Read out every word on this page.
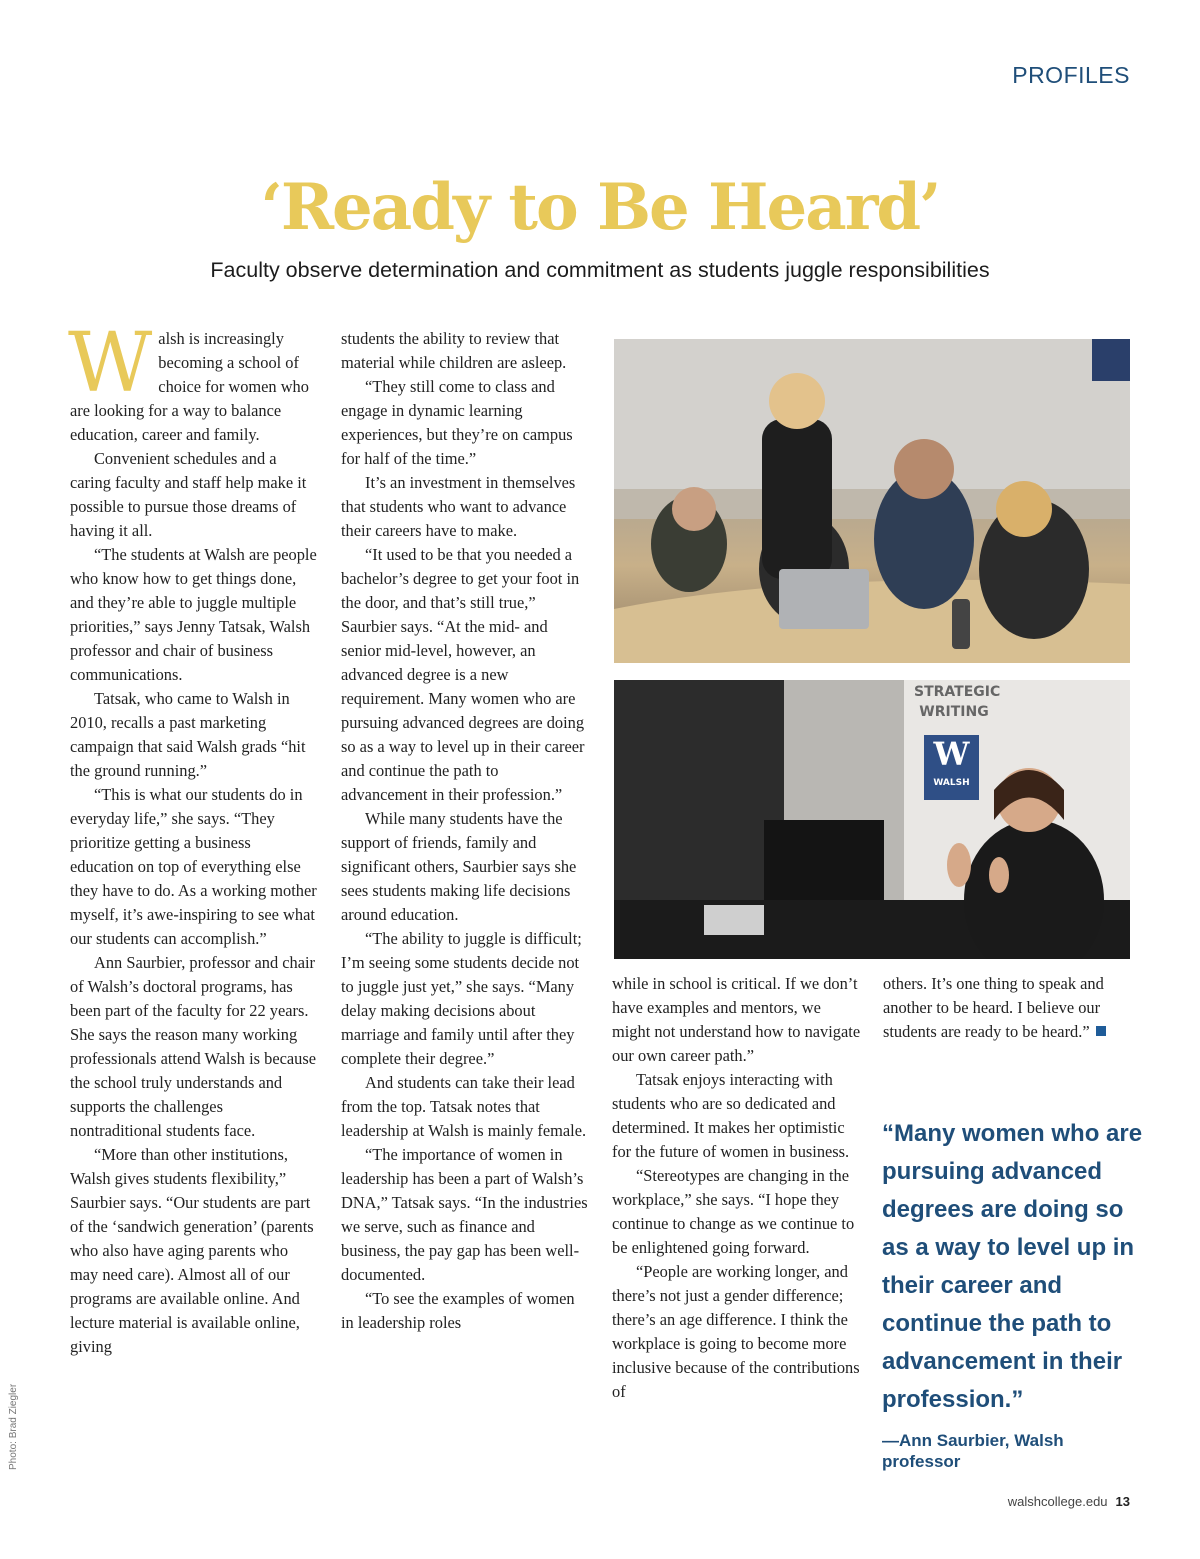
PROFILES
‘Ready to Be Heard’
Faculty observe determination and commitment as students juggle responsibilities
W alsh is increasingly becoming a school of choice for women who are looking for a way to balance education, career and family.

Convenient schedules and a caring faculty and staff help make it possible to pursue those dreams of having it all.

“The students at Walsh are people who know how to get things done, and they’re able to juggle multiple priorities,” says Jenny Tatsak, Walsh professor and chair of business communications.

Tatsak, who came to Walsh in 2010, recalls a past marketing campaign that said Walsh grads “hit the ground running.”

“This is what our students do in everyday life,” she says. “They prioritize getting a business education on top of everything else they have to do. As a working mother myself, it’s awe-inspiring to see what our students can accomplish.”

Ann Saurbier, professor and chair of Walsh’s doctoral programs, has been part of the faculty for 22 years. She says the reason many working professionals attend Walsh is because the school truly understands and supports the challenges nontraditional students face.

“More than other institutions, Walsh gives students flexibility,” Saurbier says. “Our students are part of the ‘sandwich generation’ (parents who also have aging parents who may need care). Almost all of our programs are available online. And lecture material is available online, giving

students the ability to review that material while children are asleep.

“They still come to class and engage in dynamic learning experiences, but they’re on campus for half of the time.”

It’s an investment in themselves that students who want to advance their careers have to make.

“It used to be that you needed a bachelor’s degree to get your foot in the door, and that’s still true,” Saurbier says. “At the mid- and senior mid-level, however, an advanced degree is a new requirement. Many women who are pursuing advanced degrees are doing so as a way to level up in their career and continue the path to advancement in their profession.”

While many students have the support of friends, family and significant others, Saurbier says she sees students making life decisions around education.

“The ability to juggle is difficult; I’m seeing some students decide not to juggle just yet,” she says. “Many delay making decisions about marriage and family until after they complete their degree.”

And students can take their lead from the top. Tatsak notes that leadership at Walsh is mainly female.

“The importance of women in leadership has been a part of Walsh’s DNA,” Tatsak says. “In the industries we serve, such as finance and business, the pay gap has been well-documented.

“To see the examples of women in leadership roles

STRATEGIC WRITING
W
WALSH

while in school is critical. If we don’t have examples and mentors, we might not understand how to navigate our own career path.”

Tatsak enjoys interacting with students who are so dedicated and determined. It makes her optimistic for the future of women in business.

“Stereotypes are changing in the workplace,” she says. “I hope they continue to change as we continue to be enlightened going forward.

“People are working longer, and there’s not just a gender difference; there’s an age difference. I think the workplace is going to become more inclusive because of the contributions of

others. It’s one thing to speak and another to be heard. I believe our students are ready to be heard.”

“Many women who are pursuing advanced degrees are doing so as a way to level up in their career and continue the path to advancement in their profession.”
—Ann Saurbier, Walsh professor
Photo: Brad Ziegler
walshcollege.edu 13
